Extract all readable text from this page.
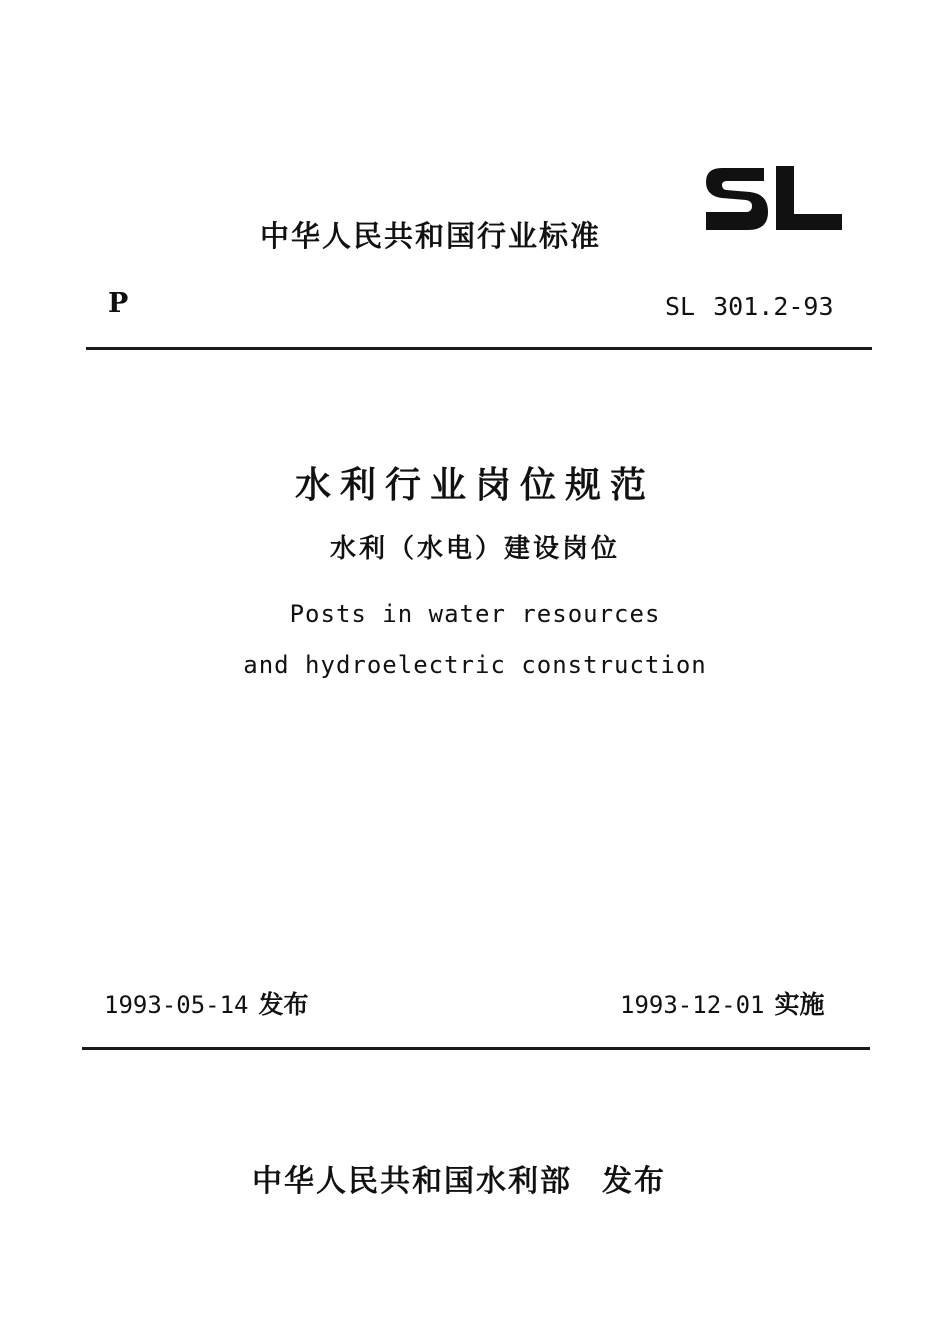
中华人民共和国行业标准
P	SL 301.2-93
水利行业岗位规范
水利（水电）建设岗位
Posts in water resources
and hydroelectric construction
1993-05-14 发布	1993-12-01 实施
中华人民共和国水利部 发布
